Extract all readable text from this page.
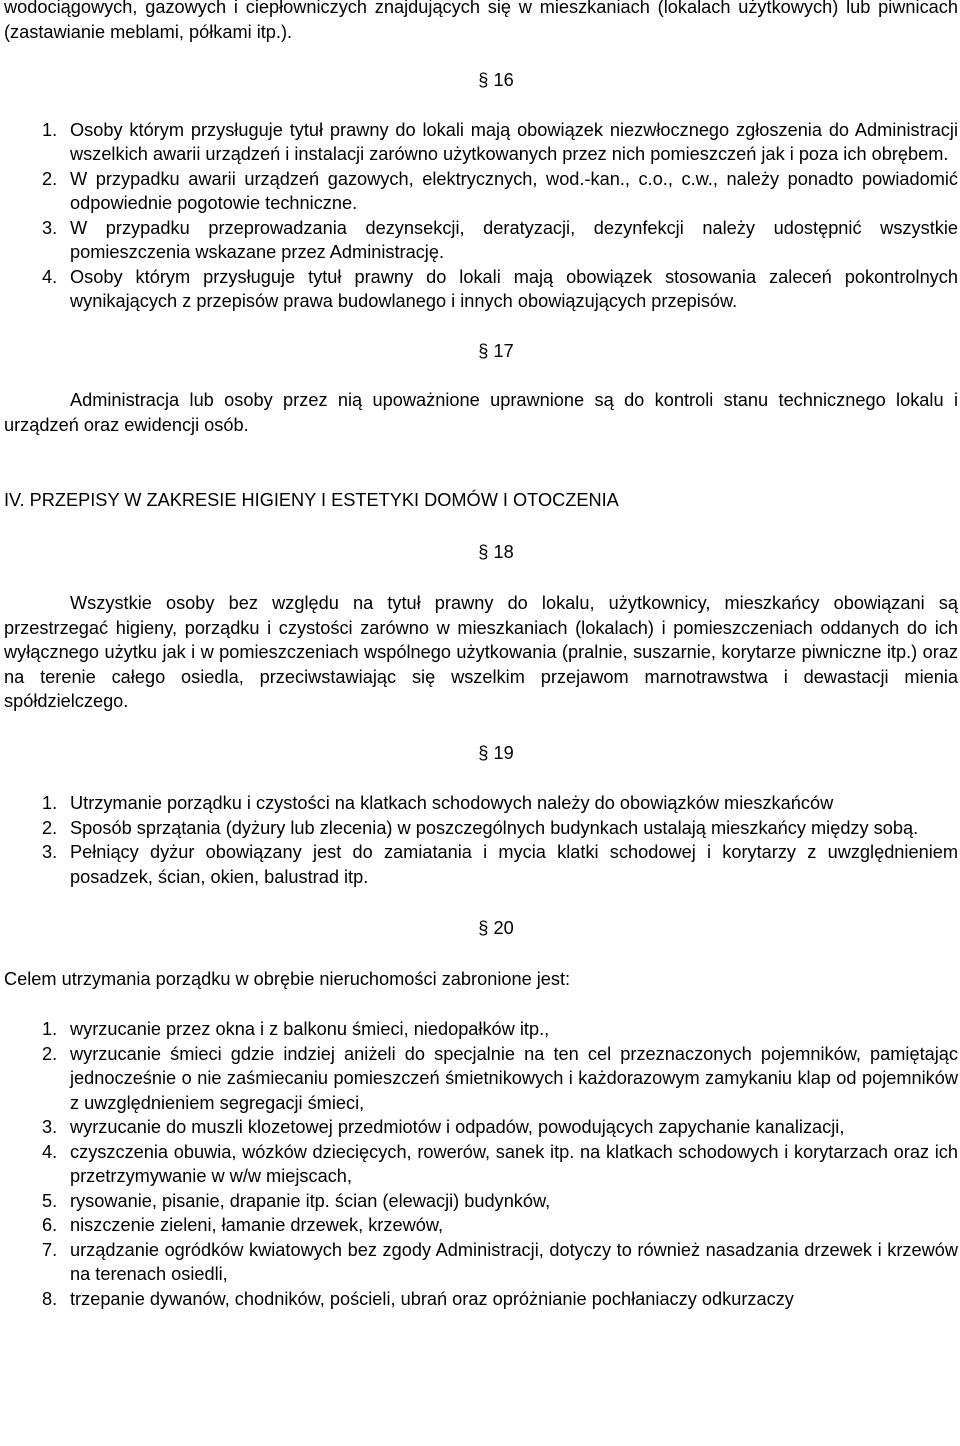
wodociągowych, gazowych i ciepłowniczych znajdujących się w mieszkaniach (lokalach użytkowych) lub piwnicach (zastawianie meblami, półkami itp.).

§ 16

1. Osoby którym przysługuje tytuł prawny do lokali mają obowiązek niezwłocznego zgłoszenia do Administracji wszelkich awarii urządzeń i instalacji zarówno użytkowanych przez nich pomieszczeń jak i poza ich obrębem.
2. W przypadku awarii urządzeń gazowych, elektrycznych, wod.-kan., c.o., c.w., należy ponadto powiadomić odpowiednie pogotowie techniczne.
3. W przypadku przeprowadzania dezynsekcji, deratyzacji, dezynfekcji należy udostępnić wszystkie pomieszczenia wskazane przez Administrację.
4. Osoby którym przysługuje tytuł prawny do lokali mają obowiązek stosowania zaleceń pokontrolnych wynikających z przepisów prawa budowlanego i innych obowiązujących przepisów.

§ 17

Administracja lub osoby przez nią upoważnione uprawnione są do kontroli stanu technicznego lokalu i urządzeń oraz ewidencji osób.

IV. PRZEPISY W ZAKRESIE HIGIENY I ESTETYKI DOMÓW I OTOCZENIA

§ 18

Wszystkie osoby bez względu na tytuł prawny do lokalu, użytkownicy, mieszkańcy obowiązani są przestrzegać higieny, porządku i czystości zarówno w mieszkaniach (lokalach) i pomieszczeniach oddanych do ich wyłącznego użytku jak i w pomieszczeniach wspólnego użytkowania (pralnie, suszarnie, korytarze piwniczne itp.) oraz na terenie całego osiedla, przeciwstawiając się wszelkim przejawom marnotrawstwa i dewastacji mienia spółdzielczego.

§ 19

1. Utrzymanie porządku i czystości na klatkach schodowych należy do obowiązków mieszkańców
2. Sposób sprzątania (dyżury lub zlecenia) w poszczególnych budynkach ustalają mieszkańcy między sobą.
3. Pełniący dyżur obowiązany jest do zamiatania i mycia klatki schodowej i korytarzy z uwzględnieniem posadzek, ścian, okien, balustrad itp.

§ 20

Celem utrzymania porządku w obrębie nieruchomości zabronione jest:

1. wyrzucanie przez okna i z balkonu śmieci, niedopałków itp.,
2. wyrzucanie śmieci gdzie indziej aniżeli do specjalnie na ten cel przeznaczonych pojemników, pamiętając jednocześnie o nie zaśmiecaniu pomieszczeń śmietnikowych i każdorazowym zamykaniu klap od pojemników z uwzględnieniem segregacji śmieci,
3. wyrzucanie do muszli klozetowej przedmiotów i odpadów, powodujących zapychanie kanalizacji,
4. czyszczenia obuwia, wózków dziecięcych, rowerów, sanek itp. na klatkach schodowych i korytarzach oraz ich przetrzymywanie w w/w miejscach,
5. rysowanie, pisanie, drapanie itp. ścian (elewacji) budynków,
6. niszczenie zieleni, łamanie drzewek, krzewów,
7. urządzanie ogródków kwiatowych bez zgody Administracji, dotyczy to również nasadzania drzewek i krzewów na terenach osiedli,
8. trzepanie dywanów, chodników, pościeli, ubrań oraz opróżnianie pochłaniaczy odkurzaczy
